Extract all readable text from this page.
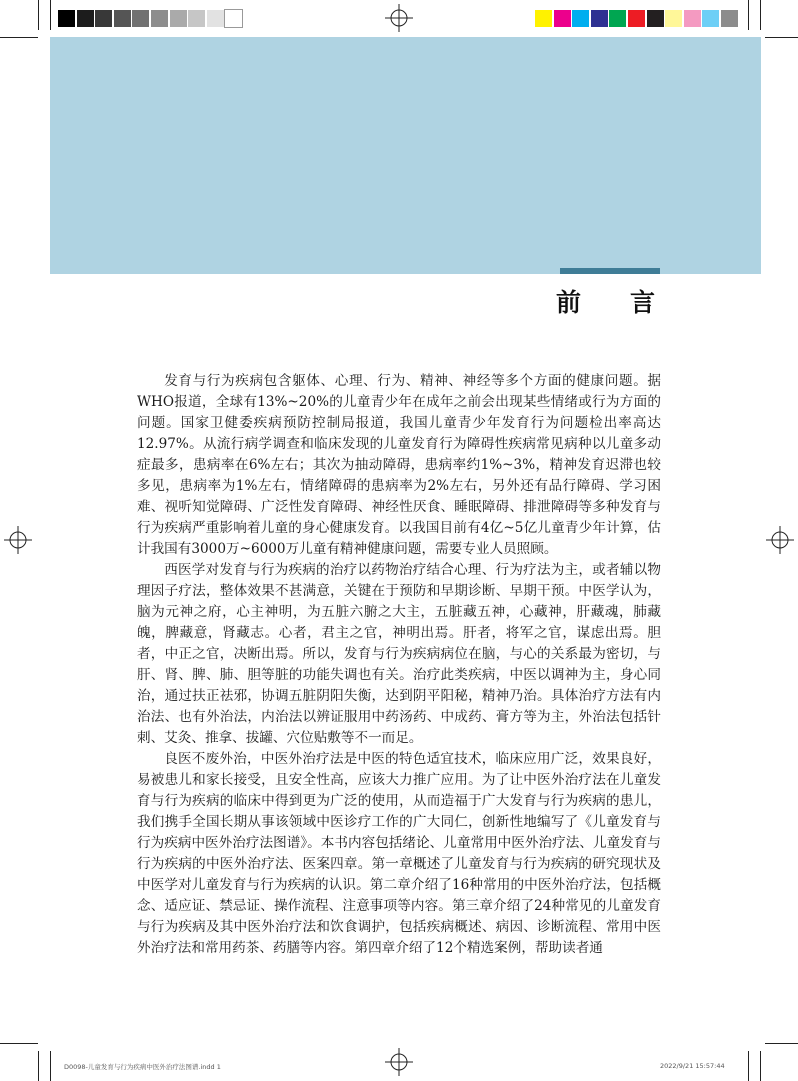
前 言

发育与行为疾病包含躯体、心理、行为、精神、神经等多个方面的健康问题。据WHO报道，全球有13%~20%的儿童青少年在成年之前会出现某些情绪或行为方面的问题。国家卫健委疾病预防控制局报道，我国儿童青少年发育行为问题检出率高达12.97%。从流行病学调查和临床发现的儿童发育行为障碍性疾病常见病种以儿童多动症最多，患病率在6%左右；其次为抽动障碍，患病率约1%~3%，精神发育迟滞也较多见，患病率为1%左右，情绪障碍的患病率为2%左右，另外还有品行障碍、学习困难、视听知觉障碍、广泛性发育障碍、神经性厌食、睡眠障碍、排泄障碍等多种发育与行为疾病严重影响着儿童的身心健康发育。以我国目前有4亿~5亿儿童青少年计算，估计我国有3000万~6000万儿童有精神健康问题，需要专业人员照顾。

西医学对发育与行为疾病的治疗以药物治疗结合心理、行为疗法为主，或者辅以物理因子疗法，整体效果不甚满意，关键在于预防和早期诊断、早期干预。中医学认为，脑为元神之府，心主神明，为五脏六腑之大主，五脏藏五神，心藏神，肝藏魂，肺藏魄，脾藏意，肾藏志。心者，君主之官，神明出焉。肝者，将军之官，谋虑出焉。胆者，中正之官，决断出焉。所以，发育与行为疾病病位在脑，与心的关系最为密切，与肝、肾、脾、肺、胆等脏的功能失调也有关。治疗此类疾病，中医以调神为主，身心同治，通过扶正祛邪，协调五脏阴阳失衡，达到阴平阳秘，精神乃治。具体治疗方法有内治法、也有外治法，内治法以辨证服用中药汤药、中成药、膏方等为主，外治法包括针刺、艾灸、推拿、拔罐、穴位贴敷等不一而足。

良医不废外治，中医外治疗法是中医的特色适宜技术，临床应用广泛，效果良好，易被患儿和家长接受，且安全性高，应该大力推广应用。为了让中医外治疗法在儿童发育与行为疾病的临床中得到更为广泛的使用，从而造福于广大发育与行为疾病的患儿，我们携手全国长期从事该领域中医诊疗工作的广大同仁，创新性地编写了《儿童发育与行为疾病中医外治疗法图谱》。本书内容包括绪论、儿童常用中医外治疗法、儿童发育与行为疾病的中医外治疗法、医案四章。第一章概述了儿童发育与行为疾病的研究现状及中医学对儿童发育与行为疾病的认识。第二章介绍了16种常用的中医外治疗法，包括概念、适应证、禁忌证、操作流程、注意事项等内容。第三章介绍了24种常见的儿童发育与行为疾病及其中医外治疗法和饮食调护，包括疾病概述、病因、诊断流程、常用中医外治疗法和常用药茶、药膳等内容。第四章介绍了12个精选案例，帮助读者通

D0098-儿童发育与行为疾病中医外治疗法图谱.indd 1	2022/9/21 15:57:44
